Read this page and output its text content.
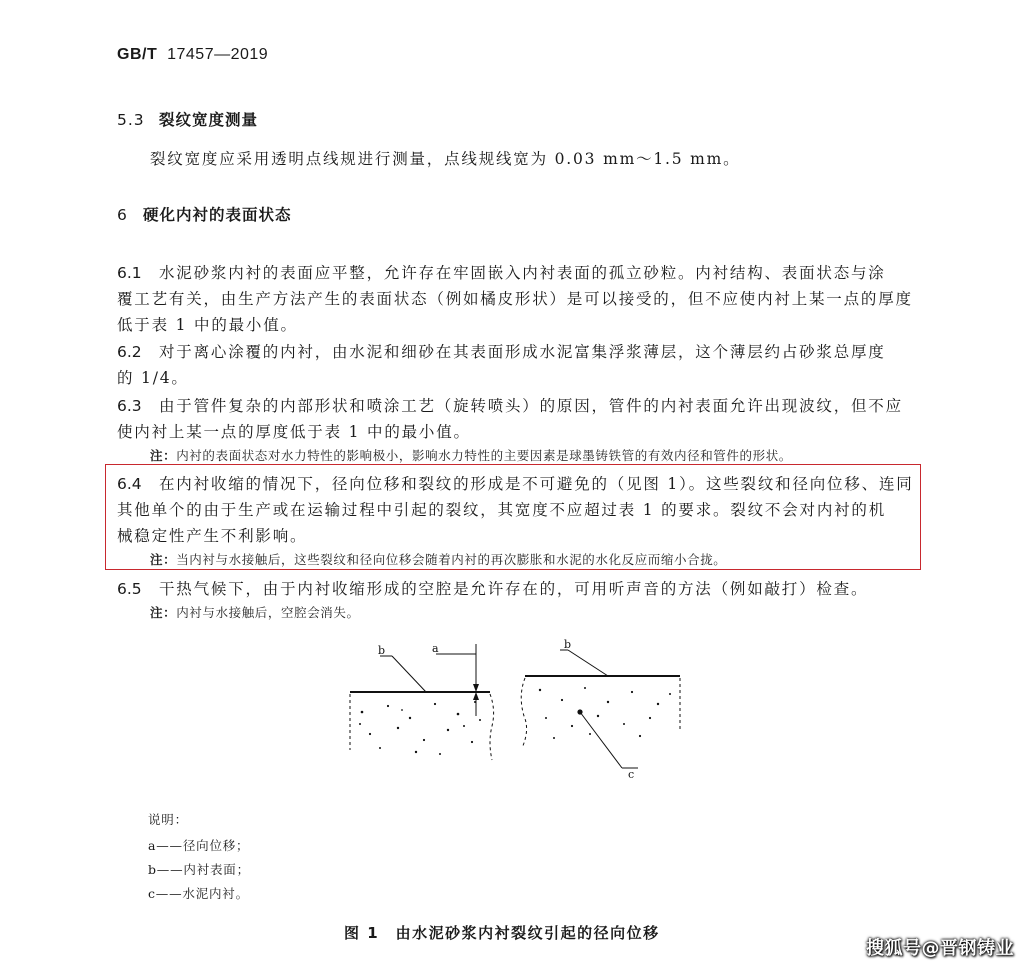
GB/T 17457—2019
5.3 裂纹宽度测量
裂纹宽度应采用透明点线规进行测量，点线规线宽为 0.03 mm～1.5 mm。
6 硬化内衬的表面状态
6.1 水泥砂浆内衬的表面应平整，允许存在牢固嵌入内衬表面的孤立砂粒。内衬结构、表面状态与涂
覆工艺有关，由生产方法产生的表面状态（例如橘皮形状）是可以接受的，但不应使内衬上某一点的厚度
低于表 1 中的最小值。
6.2 对于离心涂覆的内衬，由水泥和细砂在其表面形成水泥富集浮浆薄层，这个薄层约占砂浆总厚度
的 1/4。
6.3 由于管件复杂的内部形状和喷涂工艺（旋转喷头）的原因，管件的内衬表面允许出现波纹，但不应
使内衬上某一点的厚度低于表 1 中的最小值。
注：内衬的表面状态对水力特性的影响极小，影响水力特性的主要因素是球墨铸铁管的有效内径和管件的形状。
6.4 在内衬收缩的情况下，径向位移和裂纹的形成是不可避免的（见图 1）。这些裂纹和径向位移、连同
其他单个的由于生产或在运输过程中引起的裂纹，其宽度不应超过表 1 的要求。裂纹不会对内衬的机
械稳定性产生不利影响。
注：当内衬与水接触后，这些裂纹和径向位移会随着内衬的再次膨胀和水泥的水化反应而缩小合拢。
6.5 干热气候下，由于内衬收缩形成的空腔是允许存在的，可用听声音的方法（例如敲打）检查。
注：内衬与水接触后，空腔会消失。
b	a	b
c
说明：
a——径向位移；
b——内衬表面；
c——水泥内衬。
图 1　由水泥砂浆内衬裂纹引起的径向位移
搜狐号@晋钢铸业
